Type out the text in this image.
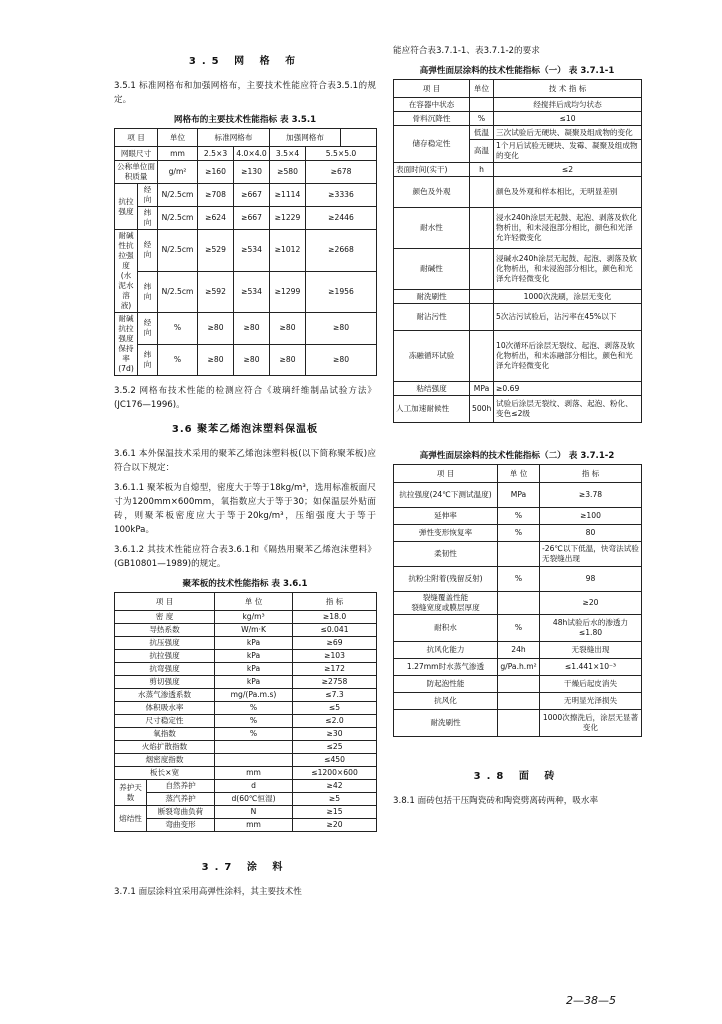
3.5 网 格 布

3.5.1 标准网格布和加强网格布，主要技术性能应符合表3.5.1的规定。

网格布的主要技术性能指标 表 3.5.1
项 目		单位	标准网格布		加强网格布		
网眼尺寸		mm	2.5×3	4.0×4.0	3.5×4	5.5×5.0	
公称单位面积质量		g/m²	≥160	≥130	≥580	≥678	
抗拉强度	经向	N/2.5cm	≥708	≥667	≥1114	≥3336	
	纬向	N/2.5cm	≥624	≥667	≥1229	≥2446	
耐碱性抗拉强度(水泥水溶液)	经向	N/2.5cm	≥529	≥534	≥1012	≥2668	
	纬向	N/2.5cm	≥592	≥534	≥1299	≥1956	
耐碱抗拉强度保持率(7d)	经向	%	≥80	≥80	≥80	≥80	
	纬向	%	≥80	≥80	≥80	≥80	

3.5.2 网格布技术性能的检测应符合《玻璃纤维制品试验方法》(JC176—1996)。

3.6 聚苯乙烯泡沫塑料保温板

3.6.1 本外保温技术采用的聚苯乙烯泡沫塑料板(以下简称聚苯板)应符合以下规定：

3.6.1.1 聚苯板为自熄型，密度大于等于18kg/m³，选用标准板面尺寸为1200mm×600mm，氧指数应大于等于30；如保温层外贴面砖，则聚苯板密度应大于等于20kg/m³，压缩强度大于等于100kPa。

3.6.1.2 其技术性能应符合表3.6.1和《隔热用聚苯乙烯泡沫塑料》(GB10801—1989)的规定。

聚苯板的技术性能指标 表 3.6.1
项 目		单 位	指 标
密 度		kg/m³	≥18.0
导热系数		W/m·K	≤0.041
抗压强度		kPa	≥69
抗拉强度		kPa	≥103
抗弯强度		kPa	≥172
剪切强度		kPa	≥2758
水蒸气渗透系数		mg/(Pa.m.s)	≤7.3
体积吸水率		%	≤5
尺寸稳定性		%	≤2.0
氧指数		%	≥30
火焰扩散指数			≤25
烟密度指数			≤450
板长×宽		mm	≤1200×600
养护天数	自然养护	d	≥42
	蒸汽养护	d(60℃恒湿)	≥5
熔结性	断裂弯曲负荷	N	≥15
	弯曲变形	mm	≥20
3.7 涂 料

3.7.1 面层涂料宜采用高弹性涂料，其主要技术性

能应符合表3.7.1-1、表3.7.1-2的要求

高弹性面层涂料的技术性能指标（一） 表 3.7.1-1
项 目	单位	技 术 指 标
在容器中状态		经搅拌后成均匀状态
骨料沉降性	%	≤10
储存稳定性	低温	三次试验后无硬块、凝聚及组成物的变化
	高温	1个月后试验无硬块、发霉、凝聚及组成物的变化
表面时间(实干)	h	≤2
颜色及外观		颜色及外观和样本相比，无明显差别
耐水性		浸水240h涂层无起鼓、起泡、剥落及软化物析出，和未浸泡部分相比，颜色和光泽允许轻微变化
耐碱性		浸碱水240h涂层无起鼓、起泡、剥落及软化物析出，和未浸泡部分相比，颜色和光泽允许轻微变化
耐洗刷性		1000次洗刷，涂层无变化
耐沾污性		5次沾污试验后，沾污率在45%以下
冻融循环试验		10次循环后涂层无裂纹、起泡、剥落及软化物析出，和未冻融部分相比，颜色和光泽允许轻微变化
粘结强度	MPa	≥0.69
人工加速耐候性	500h	试验后涂层无裂纹、剥落、起泡、粉化、变色≤2级
高弹性面层涂料的技术性能指标（二） 表 3.7.1-2
项 目	单 位	指 标
抗拉强度(24℃下测试温度)	MPa	≥3.78
延伸率	%	≥100
弹性变形恢复率	%	80
柔韧性		-26℃以下低温，快弯法试验无裂缝出现
抗粉尘附着(残留反射)	%	98
裂缝覆盖性能
裂缝宽度或膜层厚度		≥20
耐积水	%	48h试验后水的渗透力≤1.80
抗风化能力	24h	无裂缝出现
1.27mm时水蒸气渗透	g/Pa.h.m²	≤1.441×10⁻³
防起泡性能		干燥后起皮消失
抗风化		无明显光泽损失
耐洗刷性		1000次擦洗后，涂层无显著变化
3.8 面 砖

3.8.1 面砖包括干压陶瓷砖和陶瓷劈离砖两种，吸水率

2—38—5
